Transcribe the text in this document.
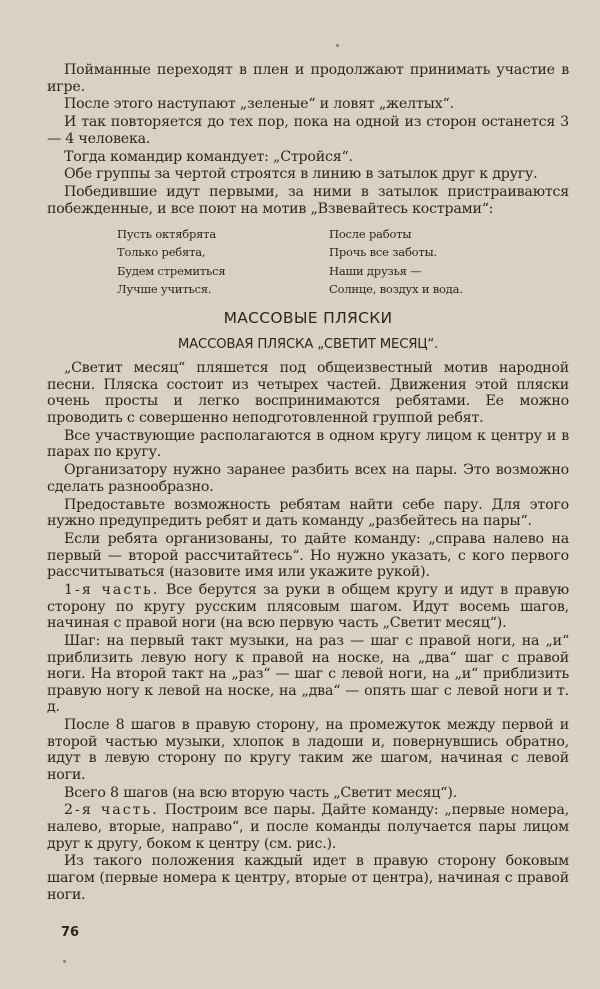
Пойманные переходят в плен и продолжают принимать участие в игре.

После этого наступают „зеленые“ и ловят „желтых“.

И так повторяется до тех пор, пока на одной из сторон останется 3 — 4 человека.

Тогда командир командует: „Стройся“.

Обе группы за чертой строятся в линию в затылок друг к другу.

Победившие идут первыми, за ними в затылок пристраиваются побежденные, и все поют на мотив „Взвевайтесь кострами“:

Пусть октябрята
Только ребята,
Будем стремиться
Лучше учиться.
После работы
Прочь все заботы.
Наши друзья —
Солнце, воздух и вода.
МАССОВЫЕ ПЛЯСКИ
МАССОВАЯ ПЛЯСКА „СВЕТИТ МЕСЯЦ“.

„Светит месяц“ пляшется под общеизвестный мотив народной песни. Пляска состоит из четырех частей. Движения этой пляски очень просты и легко воспринимаются ребятами. Ее можно проводить с совершенно неподготовленной группой ребят.

Все участвующие располагаются в одном кругу лицом к центру и в парах по кругу.

Организатору нужно заранее разбить всех на пары. Это возможно сделать разнообразно.

Предоставьте возможность ребятам найти себе пару. Для этого нужно предупредить ребят и дать команду „разбейтесь на пары“.

Если ребята организованы, то дайте команду: „справа налево на первый — второй рассчитайтесь“. Но нужно указать, с кого первого рассчитываться (назовите имя или укажите рукой).

1-я часть. Все берутся за руки в общем кругу и идут в правую сторону по кругу русским плясовым шагом. Идут восемь шагов, начиная с правой ноги (на всю первую часть „Светит месяц“).

Шаг: на первый такт музыки, на раз — шаг с правой ноги, на „и“ приблизить левую ногу к правой на носке, на „два“ шаг с правой ноги. На второй такт на „раз“ — шаг с левой ноги, на „и“ приблизить правую ногу к левой на носке, на „два“ — опять шаг с левой ноги и т. д.

После 8 шагов в правую сторону, на промежуток между первой и второй частью музыки, хлопок в ладоши и, повернувшись обратно, идут в левую сторону по кругу таким же шагом, начиная с левой ноги.

Всего 8 шагов (на всю вторую часть „Светит месяц“).

2-я часть. Построим все пары. Дайте команду: „первые номера, налево, вторые, направо“, и после команды получается пары лицом друг к другу, боком к центру (см. рис.).

Из такого положения каждый идет в правую сторону боковым шагом (первые номера к центру, вторые от центра), начиная с правой ноги.

76
